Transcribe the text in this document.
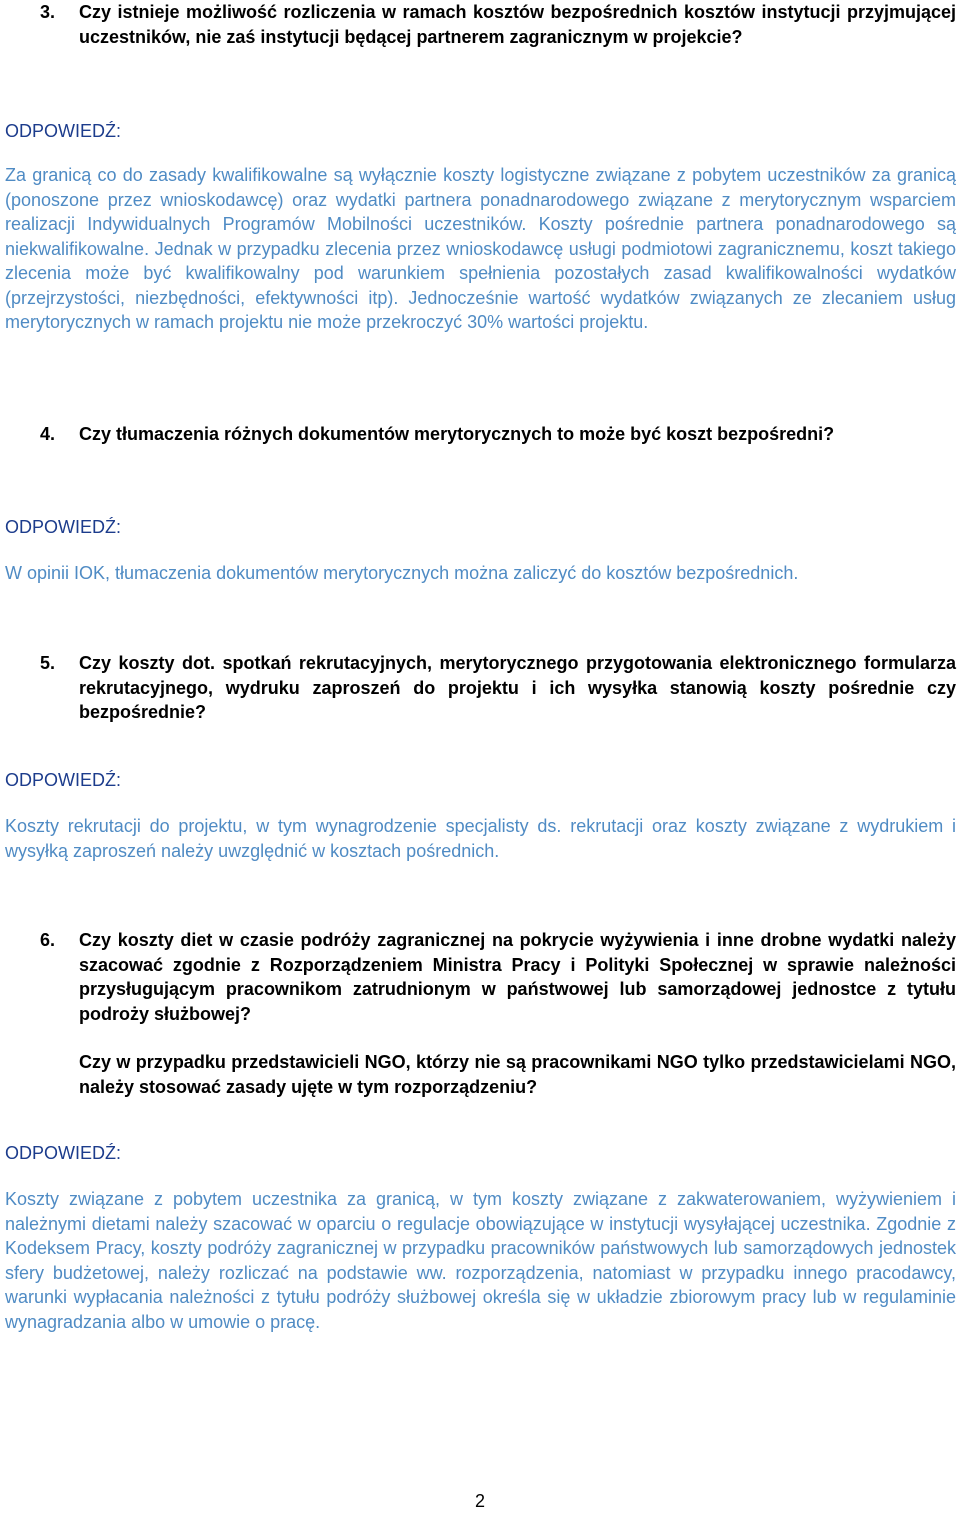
3. Czy istnieje możliwość rozliczenia w ramach kosztów bezpośrednich kosztów instytucji przyjmującej uczestników, nie zaś instytucji będącej partnerem zagranicznym w projekcie?
ODPOWIEDŹ:
Za granicą co do zasady kwalifikowalne są wyłącznie koszty logistyczne związane z pobytem uczestników za granicą (ponoszone przez wnioskodawcę) oraz wydatki partnera ponadnarodowego związane z merytorycznym wsparciem realizacji Indywidualnych Programów Mobilności uczestników. Koszty pośrednie partnera ponadnarodowego są niekwalifikowalne. Jednak w przypadku zlecenia przez wnioskodawcę usługi podmiotowi zagranicznemu, koszt takiego zlecenia może być kwalifikowalny pod warunkiem spełnienia pozostałych zasad kwalifikowalności wydatków (przejrzystości, niezbędności, efektywności itp). Jednocześnie wartość wydatków związanych ze zlecaniem usług merytorycznych w ramach projektu nie może przekroczyć 30% wartości projektu.
4. Czy tłumaczenia różnych dokumentów merytorycznych to może być koszt bezpośredni?
ODPOWIEDŹ:
W opinii IOK, tłumaczenia dokumentów merytorycznych można zaliczyć do kosztów bezpośrednich.
5. Czy koszty dot. spotkań rekrutacyjnych, merytorycznego przygotowania elektronicznego formularza rekrutacyjnego, wydruku zaproszeń do projektu i ich wysyłka stanowią koszty pośrednie czy bezpośrednie?
ODPOWIEDŹ:
Koszty rekrutacji do projektu, w tym wynagrodzenie specjalisty ds. rekrutacji oraz koszty związane z wydrukiem i wysyłką zaproszeń należy uwzględnić w kosztach pośrednich.
6. Czy koszty diet w czasie podróży zagranicznej na pokrycie wyżywienia i inne drobne wydatki należy szacować zgodnie z Rozporządzeniem Ministra Pracy i Polityki Społecznej w sprawie należności przysługującym pracownikom zatrudnionym w państwowej lub samorządowej jednostce z tytułu podroży służbowej?
Czy w przypadku przedstawicieli NGO, którzy nie są pracownikami NGO tylko przedstawicielami NGO, należy stosować zasady ujęte w tym rozporządzeniu?
ODPOWIEDŹ:
Koszty związane z pobytem uczestnika za granicą, w tym koszty związane z zakwaterowaniem, wyżywieniem i należnymi dietami należy szacować w oparciu o regulacje obowiązujące w instytucji wysyłającej uczestnika. Zgodnie z Kodeksem Pracy, koszty podróży zagranicznej w przypadku pracowników państwowych lub samorządowych jednostek sfery budżetowej, należy rozliczać na podstawie ww. rozporządzenia, natomiast w przypadku innego pracodawcy, warunki wypłacania należności z tytułu podróży służbowej określa się w układzie zbiorowym pracy lub w regulaminie wynagradzania albo w umowie o pracę.
2
